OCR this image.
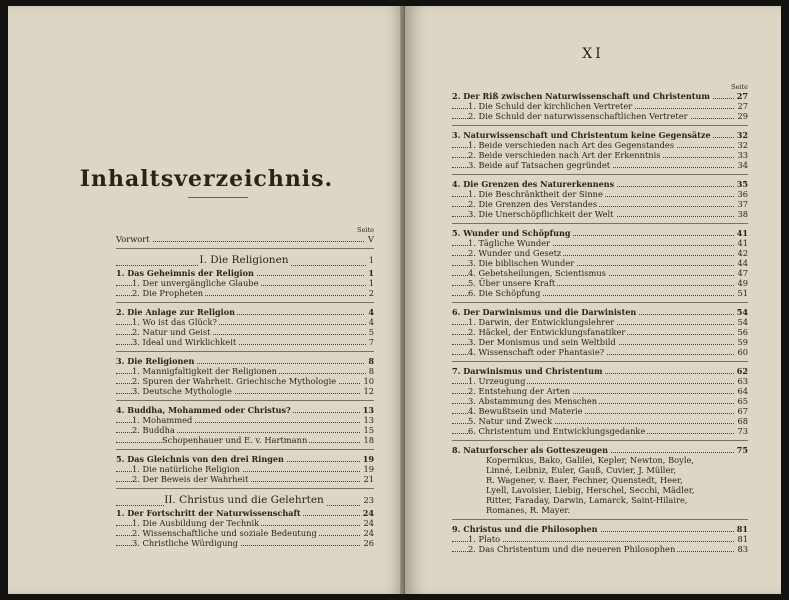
Inhaltsverzeichnis.
Seite
Vorwort	V
I. Die Religionen	1
1. Das Geheimnis der Religion	1
1. Der unvergängliche Glaube	1
2. Die Propheten	2
2. Die Anlage zur Religion	4
1. Wo ist das Glück?	4
2. Natur und Geist	5
3. Ideal und Wirklichkeit	7
3. Die Religionen	8
1. Mannigfaltigkeit der Religionen	8
2. Spuren der Wahrheit. Griechische Mythologie	10
3. Deutsche Mythologie	12
4. Buddha, Mohammed oder Christus?	13
1. Mohammed	13
2. Buddha	15
Schopenhauer und E. v. Hartmann	18
5. Das Gleichnis von den drei Ringen	19
1. Die natürliche Religion	19
2. Der Beweis der Wahrheit	21
II. Christus und die Gelehrten	23
1. Der Fortschritt der Naturwissenschaft	24
1. Die Ausbildung der Technik	24
2. Wissenschaftliche und soziale Bedeutung	24
3. Christliche Würdigung	26
XI
Seite
2. Der Riß zwischen Naturwissenschaft und Christentum	27
1. Die Schuld der kirchlichen Vertreter	27
2. Die Schuld der naturwissenschaftlichen Vertreter	29
3. Naturwissenschaft und Christentum keine Gegensätze	32
1. Beide verschieden nach Art des Gegenstandes	32
2. Beide verschieden nach Art der Erkenntnis	33
3. Beide auf Tatsachen gegründet	34
4. Die Grenzen des Naturerkennens	35
1. Die Beschränktheit der Sinne	36
2. Die Grenzen des Verstandes	37
3. Die Unerschöpflichkeit der Welt	38
5. Wunder und Schöpfung	41
1. Tägliche Wunder	41
2. Wunder und Gesetz	42
3. Die biblischen Wunder	44
4. Gebetsheilungen, Scientismus	47
5. Über unsere Kraft	49
6. Die Schöpfung	51
6. Der Darwinismus und die Darwinisten	54
1. Darwin, der Entwicklungslehrer	54
2. Häckel, der Entwicklungsfanatiker	56
3. Der Monismus und sein Weltbild	59
4. Wissenschaft oder Phantasie?	60
7. Darwinismus und Christentum	62
1. Urzeugung	63
2. Entstehung der Arten	64
3. Abstammung des Menschen	65
4. Bewußtsein und Materie	67
5. Natur und Zweck	68
6. Christentum und Entwicklungsgedanke	73
8. Naturforscher als Gotteszeugen	75
Kopernikus, Bako, Galilei, Kepler, Newton, Boyle,
Linné, Leibniz, Euler, Gauß, Cuvier, J. Müller,
R. Wagener, v. Baer, Fechner, Quenstedt, Heer,
Lyell, Lavoisier, Liebig, Herschel, Secchi, Mädler,
Ritter, Faraday, Darwin, Lamarck, Saint-Hilaire,
Romanes, R. Mayer.
9. Christus und die Philosophen	81
1. Plato	81
2. Das Christentum und die neueren Philosophen	83
